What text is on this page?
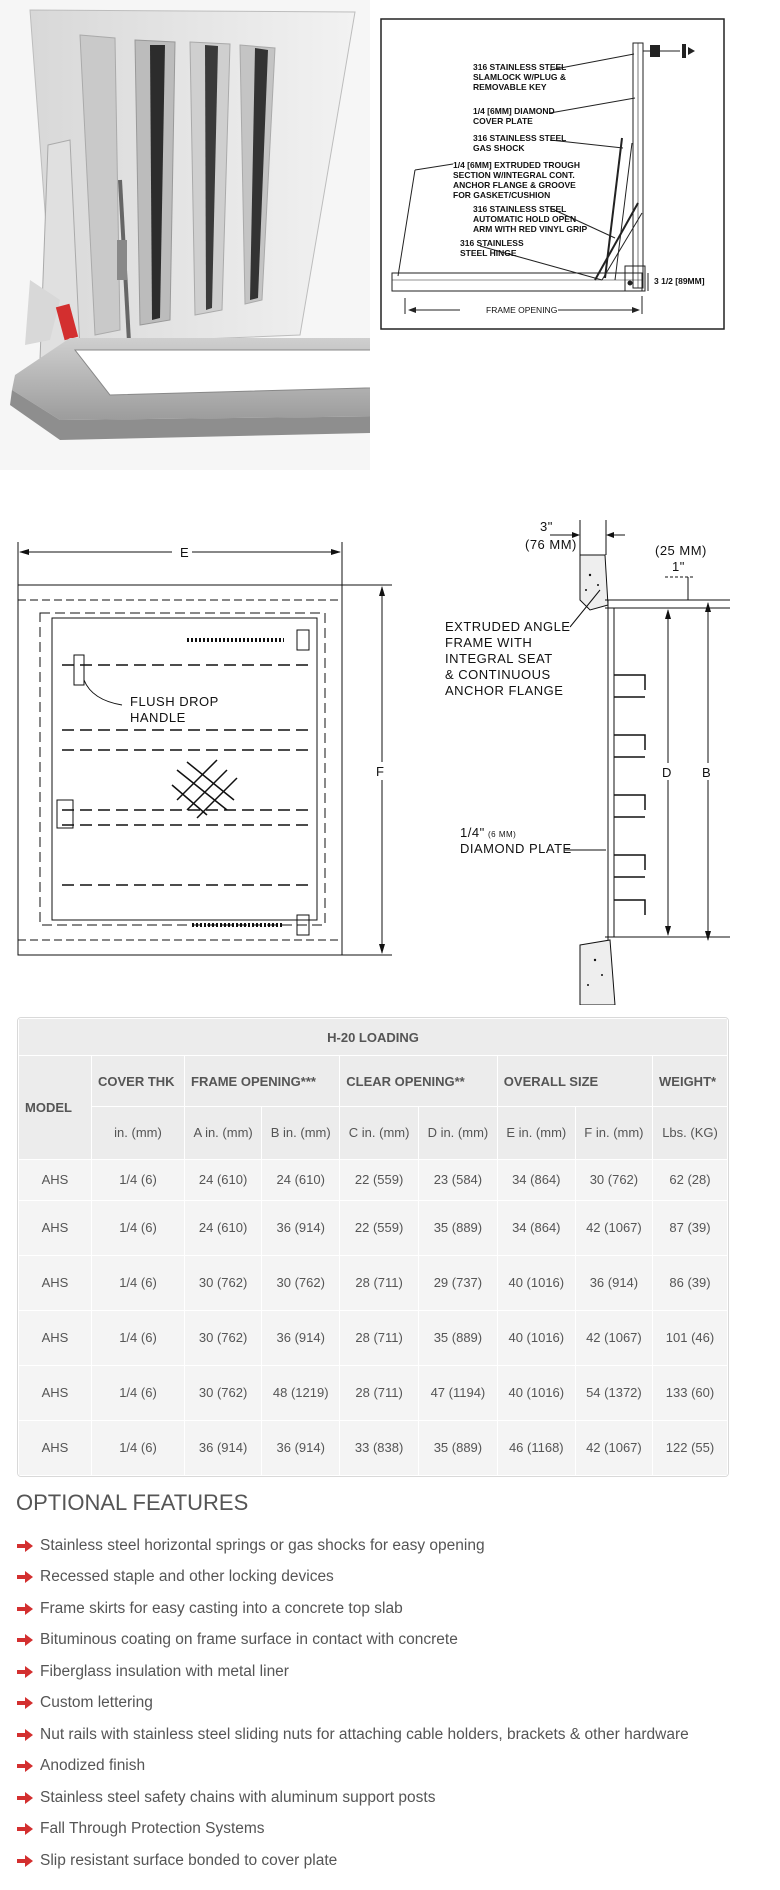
316 STAINLESS STEEL SLAMLOCK W/PLUG & REMOVABLE KEY
1/4 [6MM] DIAMOND COVER PLATE
316 STAINLESS STEEL GAS SHOCK
1/4 [6MM] EXTRUDED TROUGH SECTION W/INTEGRAL CONT. ANCHOR FLANGE & GROOVE FOR GASKET/CUSHION
316 STAINLESS STEEL AUTOMATIC HOLD OPEN ARM WITH RED VINYL GRIP
316 STAINLESS STEEL HINGE
3 1/2 [89MM]
FRAME OPENING
E
FLUSH DROP HANDLE
F
3"
(76 MM)	(25 MM)
1"
D B
EXTRUDED ANGLE FRAME WITH INTEGRAL SEAT & CONTINUOUS ANCHOR FLANGE
1/4" (6 MM) DIAMOND PLATE
H-20 LOADING								
MODEL	COVER THK	FRAME OPENING***		CLEAR OPENING**		OVERALL SIZE		WEIGHT*
	in. (mm)	A in. (mm)	B in. (mm)	C in. (mm)	D in. (mm)	E in. (mm)	F in. (mm)	Lbs. (KG)
AHS	1/4 (6)	24 (610)	24 (610)	22 (559)	23 (584)	34 (864)	30 (762)	62 (28)
AHS	1/4 (6)	24 (610)	36 (914)	22 (559)	35 (889)	34 (864)	42 (1067)	87 (39)
AHS	1/4 (6)	30 (762)	30 (762)	28 (711)	29 (737)	40 (1016)	36 (914)	86 (39)
AHS	1/4 (6)	30 (762)	36 (914)	28 (711)	35 (889)	40 (1016)	42 (1067)	101 (46)
AHS	1/4 (6)	30 (762)	48 (1219)	28 (711)	47 (1194)	40 (1016)	54 (1372)	133 (60)
AHS	1/4 (6)	36 (914)	36 (914)	33 (838)	35 (889)	46 (1168)	42 (1067)	122 (55)
OPTIONAL FEATURES
Stainless steel horizontal springs or gas shocks for easy opening
Recessed staple and other locking devices
Frame skirts for easy casting into a concrete top slab
Bituminous coating on frame surface in contact with concrete
Fiberglass insulation with metal liner
Custom lettering
Nut rails with stainless steel sliding nuts for attaching cable holders, brackets & other hardware
Anodized finish
Stainless steel safety chains with aluminum support posts
Fall Through Protection Systems
Slip resistant surface bonded to cover plate
